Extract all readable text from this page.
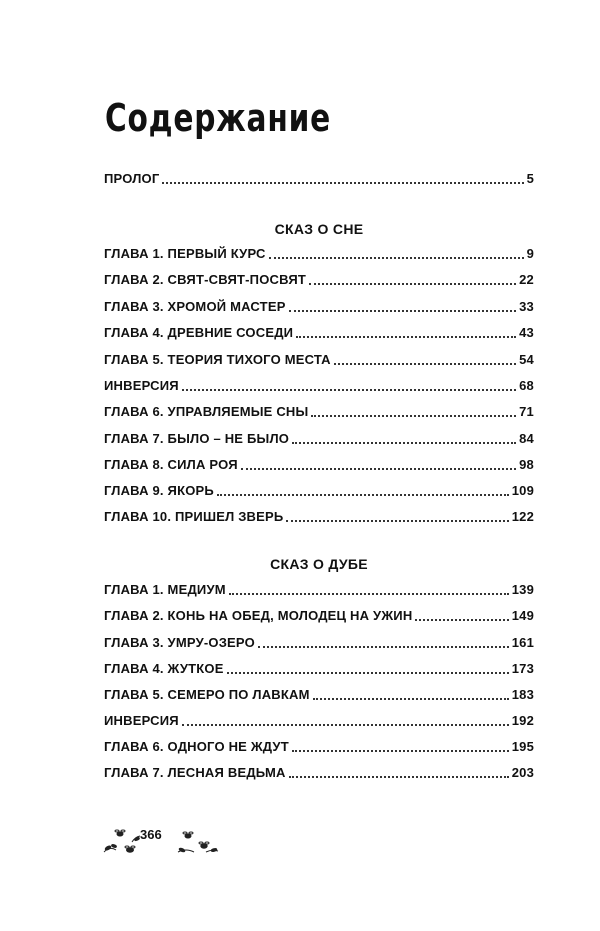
Содержание
ПРОЛОГ	5
СКАЗ О СНЕ
ГЛАВА 1. ПЕРВЫЙ КУРС	9
ГЛАВА 2. СВЯТ-СВЯТ-ПОСВЯТ	22
ГЛАВА 3. ХРОМОЙ МАСТЕР	33
ГЛАВА 4. ДРЕВНИЕ СОСЕДИ	43
ГЛАВА 5. ТЕОРИЯ ТИХОГО МЕСТА	54
ИНВЕРСИЯ	68
ГЛАВА 6. УПРАВЛЯЕМЫЕ СНЫ	71
ГЛАВА 7. БЫЛО – НЕ БЫЛО	84
ГЛАВА 8. СИЛА РОЯ	98
ГЛАВА 9. ЯКОРЬ	109
ГЛАВА 10. ПРИШЕЛ ЗВЕРЬ	122
СКАЗ О ДУБЕ
ГЛАВА 1. МЕДИУМ	139
ГЛАВА 2. КОНЬ НА ОБЕД, МОЛОДЕЦ НА УЖИН	149
ГЛАВА 3. УМРУ-ОЗЕРО	161
ГЛАВА 4. ЖУТКОЕ	173
ГЛАВА 5. СЕМЕРО ПО ЛАВКАМ	183
ИНВЕРСИЯ	192
ГЛАВА 6. ОДНОГО НЕ ЖДУТ	195
ГЛАВА 7. ЛЕСНАЯ ВЕДЬМА	203
366
